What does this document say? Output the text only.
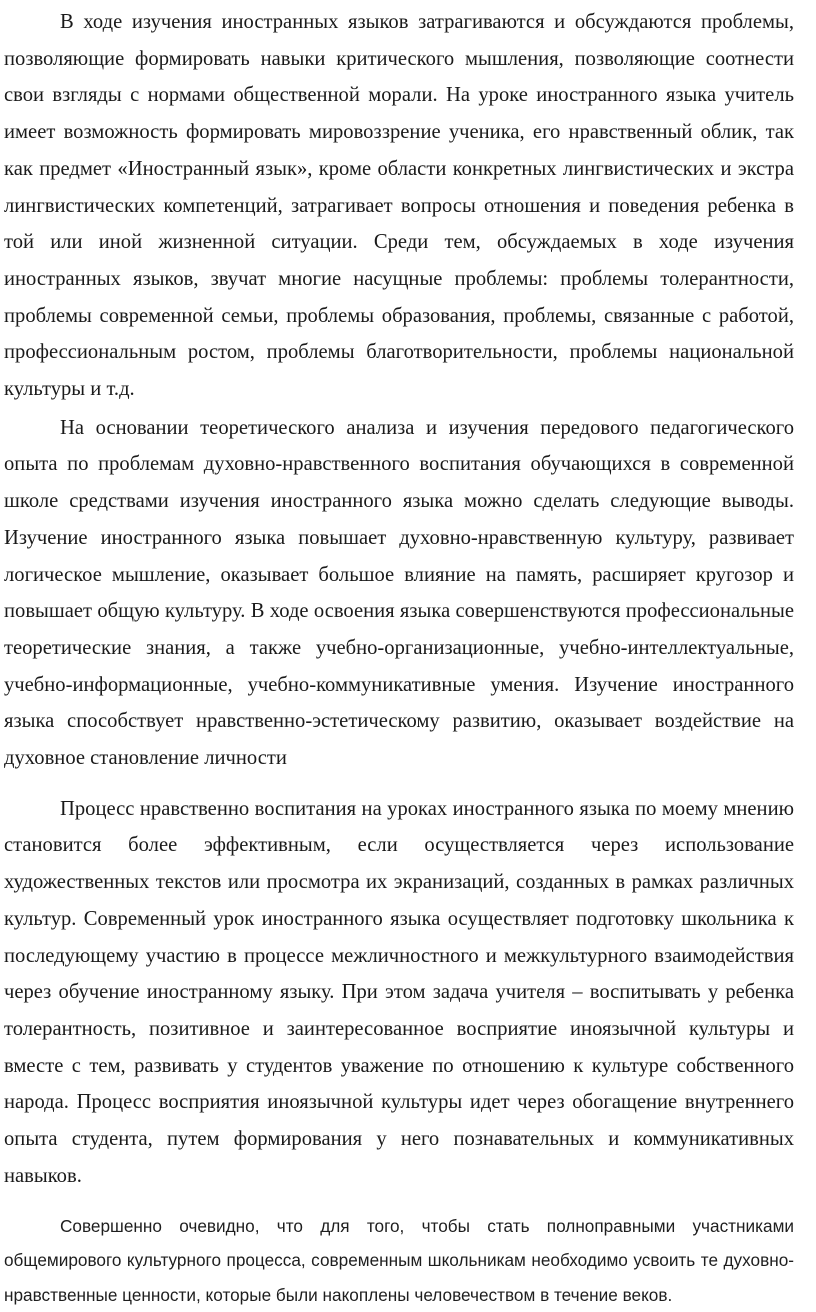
В ходе изучения иностранных языков затрагиваются и обсуждаются проблемы, позволяющие формировать навыки критического мышления, позволяющие соотнести свои взгляды с нормами общественной морали. На уроке иностранного языка учитель имеет возможность формировать мировоззрение ученика, его нравственный облик, так как предмет «Иностранный язык», кроме области конкретных лингвистических и экстра лингвистических компетенций, затрагивает вопросы отношения и поведения ребенка в той или иной жизненной ситуации. Среди тем, обсуждаемых в ходе изучения иностранных языков, звучат многие насущные проблемы: проблемы толерантности, проблемы современной семьи, проблемы образования, проблемы, связанные с работой, профессиональным ростом, проблемы благотворительности, проблемы национальной культуры и т.д.

На основании теоретического анализа и изучения передового педагогического опыта по проблемам духовно-нравственного воспитания обучающихся в современной школе средствами изучения иностранного языка можно сделать следующие выводы. Изучение иностранного языка повышает духовно-нравственную культуру, развивает логическое мышление, оказывает большое влияние на память, расширяет кругозор и повышает общую культуру. В ходе освоения языка совершенствуются профессиональные теоретические знания, а также учебно-организационные, учебно-интеллектуальные, учебно-информационные, учебно-коммуникативные умения. Изучение иностранного языка способствует нравственно-эстетическому развитию, оказывает воздействие на духовное становление личности

Процесс нравственно воспитания на уроках иностранного языка по моему мнению становится более эффективным, если осуществляется через использование художественных текстов или просмотра их экранизаций, созданных в рамках различных культур. Современный урок иностранного языка осуществляет подготовку школьника к последующему участию в процессе межличностного и межкультурного взаимодействия через обучение иностранному языку. При этом задача учителя – воспитывать у ребенка толерантность, позитивное и заинтересованное восприятие иноязычной культуры и вместе с тем, развивать у студентов уважение по отношению к культуре собственного народа. Процесс восприятия иноязычной культуры идет через обогащение внутреннего опыта студента, путем формирования у него познавательных и коммуникативных навыков.

Совершенно очевидно, что для того, чтобы стать полноправными участниками общемирового культурного процесса, современным школьникам необходимо усвоить те духовно-нравственные ценности, которые были накоплены человечеством в течение веков.
